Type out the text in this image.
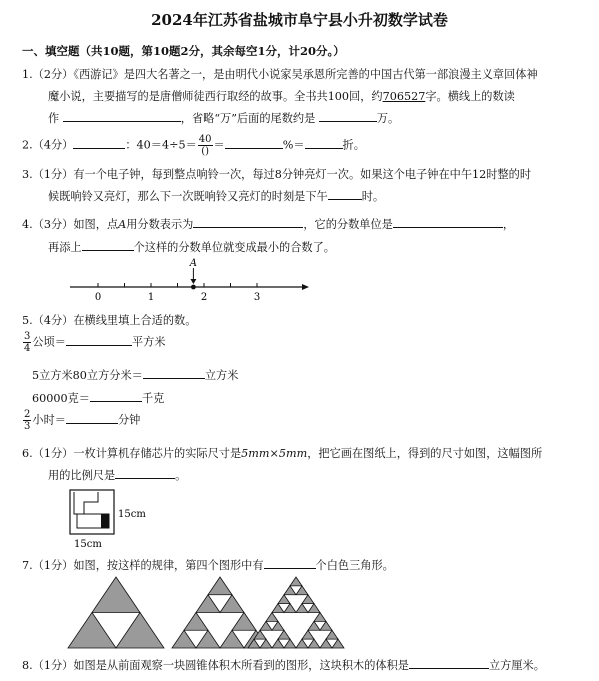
2024年江苏省盐城市阜宁县小升初数学试卷
一、填空题（共10题，第10题2分，其余每空1分，计20分。）
1.（2分）《西游记》是四大名著之一，是由明代小说家吴承恩所完善的中国古代第一部浪漫主义章回体神
魔小说，主要描写的是唐僧师徒西行取经的故事。全书共100回，约706527字。横线上的数读
作	，省略“万”后面的尾数约是	万。
2.（4分）	：$40=4\div 5= \frac{40}{()}$ ＝	%＝	折。
3.（1分）有一个电子钟，每到整点响铃一次，每过8分钟亮灯一次。如果这个电子钟在中午12时整的时
候既响铃又亮灯，那么下一次既响铃又亮灯的时刻是下午	时。
4.（3分）如图，点A用分数表示为	，它的分数单位是	，
再添上	个这样的分数单位就变成最小的合数了。
0	1	2	3
A
5.（4分）在横线里填上合适的数。
$\frac{3}{4}$ 公顷＝	平方米
5立方米80立方分米＝	立方米
60000克＝	千克
$\frac{2}{3}$ 小时＝	分钟
6.（1分）一枚计算机存储芯片的实际尺寸是5mm×5mm，把它画在图纸上，得到的尺寸如图，这幅图所
用的比例尺是	。
15cm
15cm
7.（1分）如图，按这样的规律，第四个图形中有	个白色三角形。
8.（1分）如图是从前面观察一块圆锥体积木所看到的图形，这块积木的体积是	立方厘米。
